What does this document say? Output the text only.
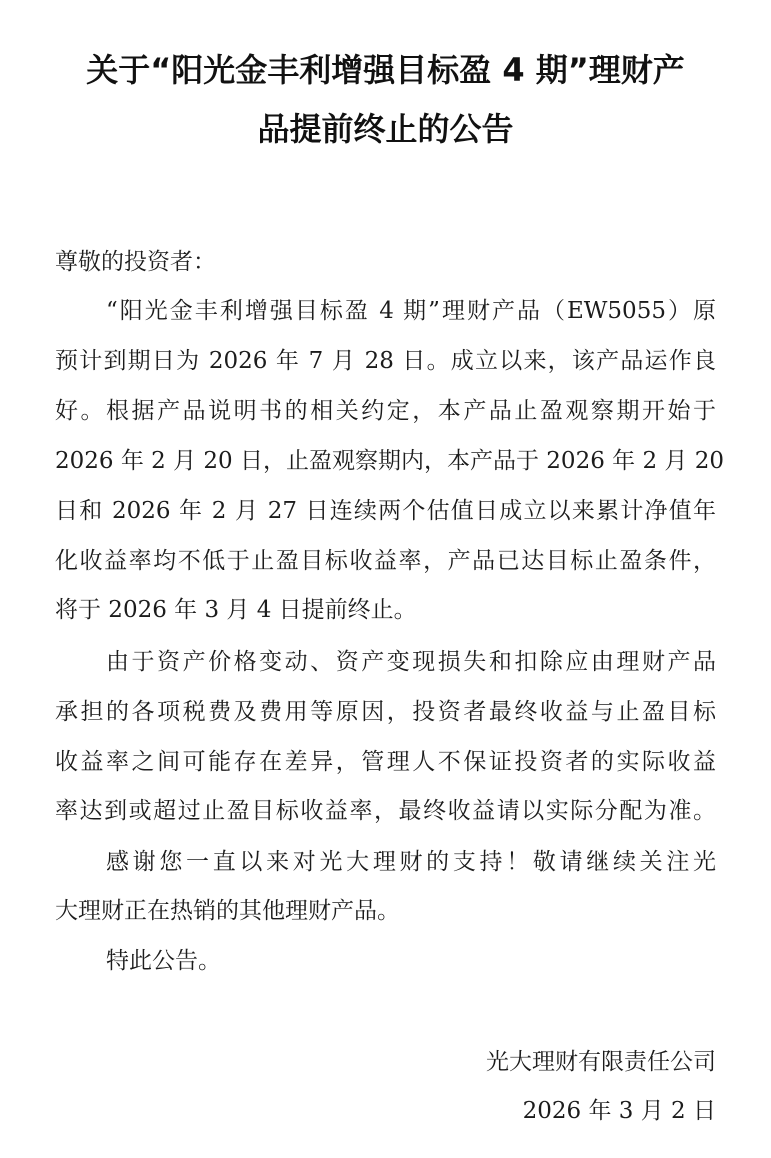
关于“阳光金丰利增强目标盈 4 期”理财产
品提前终止的公告
尊敬的投资者：
“阳光金丰利增强目标盈 4 期”理财产品（EW5055）原
预计到期日为 2026 年 7 月 28 日。成立以来，该产品运作良
好。根据产品说明书的相关约定，本产品止盈观察期开始于
2026 年 2 月 20 日，止盈观察期内，本产品于 2026 年 2 月 20
日和 2026 年 2 月 27 日连续两个估值日成立以来累计净值年
化收益率均不低于止盈目标收益率，产品已达目标止盈条件，
将于 2026 年 3 月 4 日提前终止。
由于资产价格变动、资产变现损失和扣除应由理财产品
承担的各项税费及费用等原因，投资者最终收益与止盈目标
收益率之间可能存在差异，管理人不保证投资者的实际收益
率达到或超过止盈目标收益率，最终收益请以实际分配为准。
感谢您一直以来对光大理财的支持！敬请继续关注光
大理财正在热销的其他理财产品。
特此公告。
光大理财有限责任公司
2026 年 3 月 2 日
